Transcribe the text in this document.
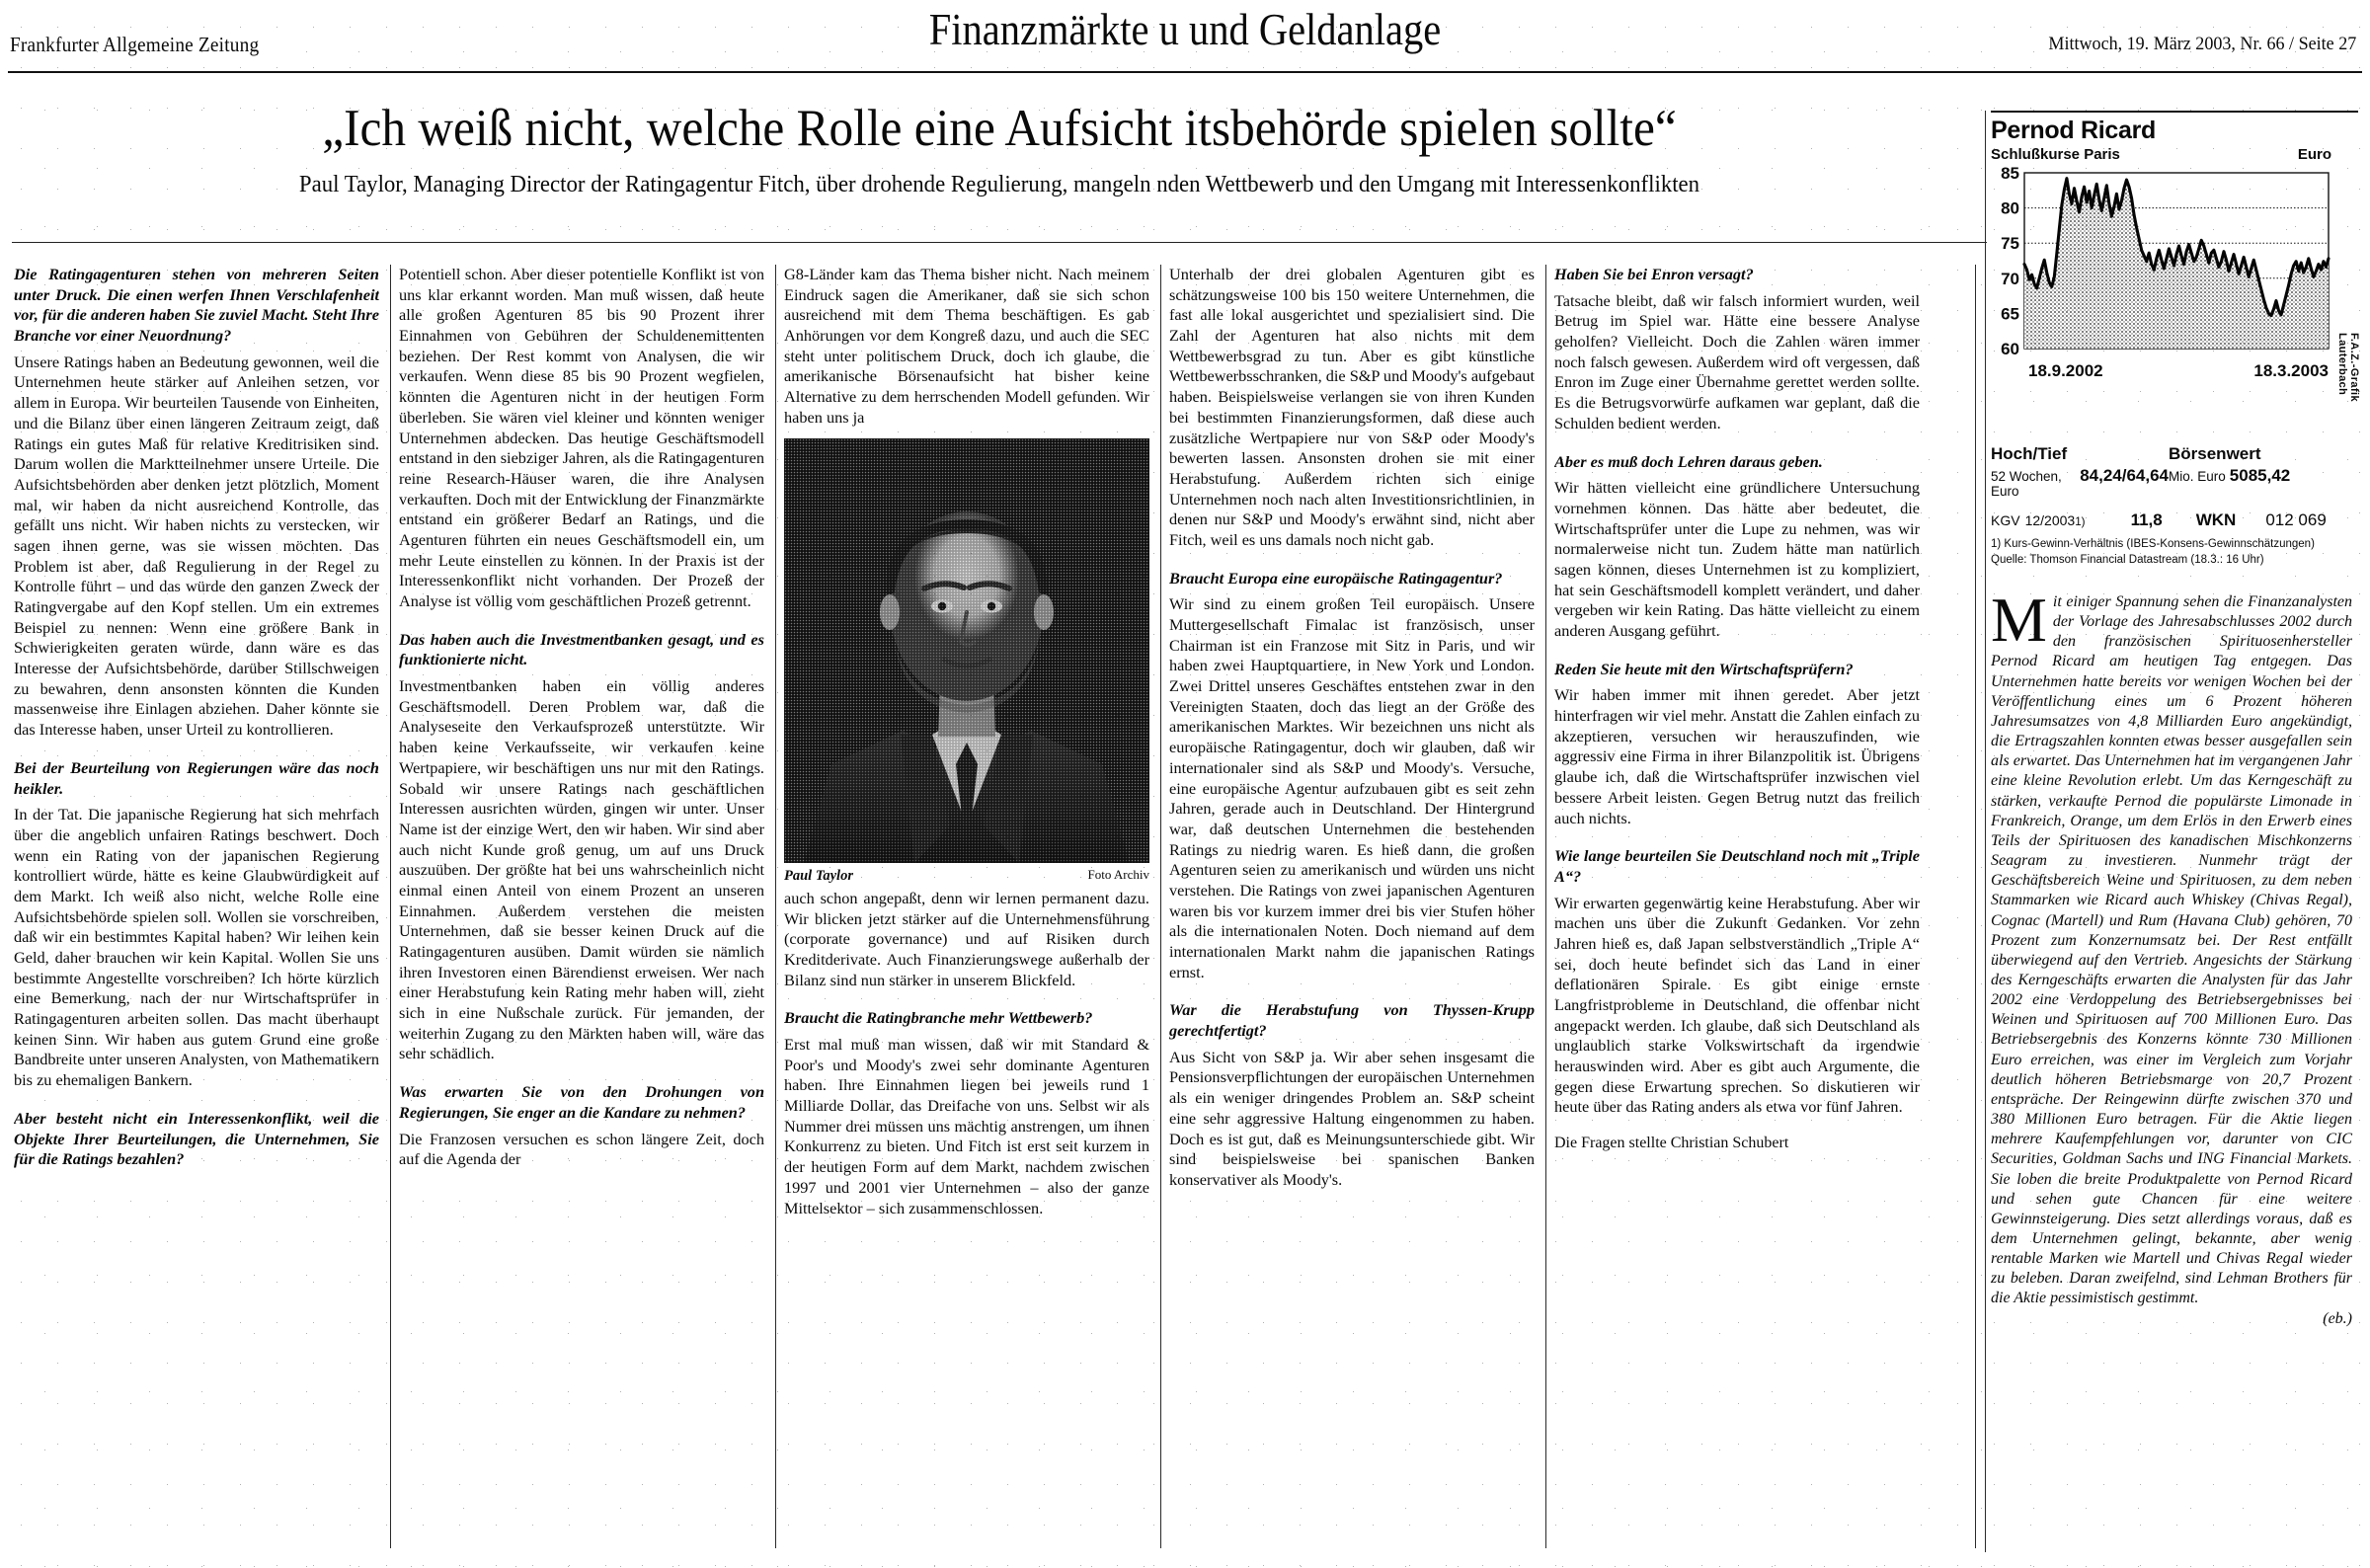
Frankfurter Allgemeine Zeitung	Finanzmärkte u und Geldanlage	Mittwoch, 19. März 2003, Nr. 66 / Seite 27
„Ich weiß nicht, welche Rolle eine Aufsicht itsbehörde spielen sollte“
Paul Taylor, Managing Director der Ratingagentur Fitch, über drohende Regulierung, mangeln nden Wettbewerb und den Umgang mit Interessenkonflikten
Die Ratingagenturen stehen von mehreren Seiten unter Druck. Die einen werfen Ihnen Verschlafenheit vor, für die anderen haben Sie zuviel Macht. Steht Ihre Branche vor einer Neuordnung?

Unsere Ratings haben an Bedeutung gewonnen, weil die Unternehmen heute stärker auf Anleihen setzen, vor allem in Europa. Wir beurteilen Tausende von Einheiten, und die Bilanz über einen längeren Zeitraum zeigt, daß Ratings ein gutes Maß für relative Kreditrisiken sind. Darum wollen die Marktteilnehmer unsere Urteile. Die Aufsichtsbehörden aber denken jetzt plötzlich, Moment mal, wir haben da nicht ausreichend Kontrolle, das gefällt uns nicht. Wir haben nichts zu verstecken, wir sagen ihnen gerne, was sie wissen möchten. Das Problem ist aber, daß Regulierung in der Regel zu Kontrolle führt – und das würde den ganzen Zweck der Ratingvergabe auf den Kopf stellen. Um ein extremes Beispiel zu nennen: Wenn eine größere Bank in Schwierigkeiten geraten würde, dann wäre es das Interesse der Aufsichtsbehörde, darüber Stillschweigen zu bewahren, denn ansonsten könnten die Kunden massenweise ihre Einlagen abziehen. Daher könnte sie das Interesse haben, unser Urteil zu kontrollieren.

Bei der Beurteilung von Regierungen wäre das noch heikler.

In der Tat. Die japanische Regierung hat sich mehrfach über die angeblich unfairen Ratings beschwert. Doch wenn ein Rating von der japanischen Regierung kontrolliert würde, hätte es keine Glaubwürdigkeit auf dem Markt. Ich weiß also nicht, welche Rolle eine Aufsichtsbehörde spielen soll. Wollen sie vorschreiben, daß wir ein bestimmtes Kapital haben? Wir leihen kein Geld, daher brauchen wir kein Kapital. Wollen Sie uns bestimmte Angestellte vorschreiben? Ich hörte kürzlich eine Bemerkung, nach der nur Wirtschaftsprüfer in Ratingagenturen arbeiten sollen. Das macht überhaupt keinen Sinn. Wir haben aus gutem Grund eine große Bandbreite unter unseren Analysten, von Mathematikern bis zu ehemaligen Bankern.

Aber besteht nicht ein Interessenkonflikt, weil die Objekte Ihrer Beurteilungen, die Unternehmen, Sie für die Ratings bezahlen?

Potentiell schon. Aber dieser potentielle Konflikt ist von uns klar erkannt worden. Man muß wissen, daß heute alle großen Agenturen 85 bis 90 Prozent ihrer Einnahmen von Gebühren der Schuldenemittenten beziehen. Der Rest kommt von Analysen, die wir verkaufen. Wenn diese 85 bis 90 Prozent wegfielen, könnten die Agenturen nicht in der heutigen Form überleben. Sie wären viel kleiner und könnten weniger Unternehmen abdecken. Das heutige Geschäftsmodell entstand in den siebziger Jahren, als die Ratingagenturen reine Research-Häuser waren, die ihre Analysen verkauften. Doch mit der Entwicklung der Finanzmärkte entstand ein größerer Bedarf an Ratings, und die Agenturen führten ein neues Geschäftsmodell ein, um mehr Leute einstellen zu können. In der Praxis ist der Interessenkonflikt nicht vorhanden. Der Prozeß der Analyse ist völlig vom geschäftlichen Prozeß getrennt.

Das haben auch die Investmentbanken gesagt, und es funktionierte nicht.

Investmentbanken haben ein völlig anderes Geschäftsmodell. Deren Problem war, daß die Analyseseite den Verkaufsprozeß unterstützte. Wir haben keine Verkaufsseite, wir verkaufen keine Wertpapiere, wir beschäftigen uns nur mit den Ratings. Sobald wir unsere Ratings nach geschäftlichen Interessen ausrichten würden, gingen wir unter. Unser Name ist der einzige Wert, den wir haben. Wir sind aber auch nicht Kunde groß genug, um auf uns Druck auszuüben. Der größte hat bei uns wahrscheinlich nicht einmal einen Anteil von einem Prozent an unseren Einnahmen. Außerdem verstehen die meisten Unternehmen, daß sie besser keinen Druck auf die Ratingagenturen ausüben. Damit würden sie nämlich ihren Investoren einen Bärendienst erweisen. Wer nach einer Herabstufung kein Rating mehr haben will, zieht sich in eine Nußschale zurück. Für jemanden, der weiterhin Zugang zu den Märkten haben will, wäre das sehr schädlich.

Was erwarten Sie von den Drohungen von Regierungen, Sie enger an die Kandare zu nehmen?

Die Franzosen versuchen es schon längere Zeit, doch auf die Agenda der

G8-Länder kam das Thema bisher nicht. Nach meinem Eindruck sagen die Amerikaner, daß sie sich schon ausreichend mit dem Thema beschäftigen. Es gab Anhörungen vor dem Kongreß dazu, und auch die SEC steht unter politischem Druck, doch ich glaube, die amerikanische Börsenaufsicht hat bisher keine Alternative zu dem herrschenden Modell gefunden. Wir haben uns ja

Paul Taylor	Foto Archiv

auch schon angepaßt, denn wir lernen permanent dazu. Wir blicken jetzt stärker auf die Unternehmensführung (corporate governance) und auf Risiken durch Kreditderivate. Auch Finanzierungswege außerhalb der Bilanz sind nun stärker in unserem Blickfeld.

Braucht die Ratingbranche mehr Wettbewerb?

Erst mal muß man wissen, daß wir mit Standard & Poor's und Moody's zwei sehr dominante Agenturen haben. Ihre Einnahmen liegen bei jeweils rund 1 Milliarde Dollar, das Dreifache von uns. Selbst wir als Nummer drei müssen uns mächtig anstrengen, um ihnen Konkurrenz zu bieten. Und Fitch ist erst seit kurzem in der heutigen Form auf dem Markt, nachdem zwischen 1997 und 2001 vier Unternehmen – also der ganze Mittelsektor – sich zusammenschlossen.

Unterhalb der drei globalen Agenturen gibt es schätzungsweise 100 bis 150 weitere Unternehmen, die fast alle lokal ausgerichtet und spezialisiert sind. Die Zahl der Agenturen hat also nichts mit dem Wettbewerbsgrad zu tun. Aber es gibt künstliche Wettbewerbsschranken, die S&P und Moody's aufgebaut haben. Beispielsweise verlangen sie von ihren Kunden bei bestimmten Finanzierungsformen, daß diese auch zusätzliche Wertpapiere nur von S&P oder Moody's bewerten lassen. Ansonsten drohen sie mit einer Herabstufung. Außerdem richten sich einige Unternehmen noch nach alten Investitionsrichtlinien, in denen nur S&P und Moody's erwähnt sind, nicht aber Fitch, weil es uns damals noch nicht gab.

Braucht Europa eine europäische Ratingagentur?

Wir sind zu einem großen Teil europäisch. Unsere Muttergesellschaft Fimalac ist französisch, unser Chairman ist ein Franzose mit Sitz in Paris, und wir haben zwei Hauptquartiere, in New York und London. Zwei Drittel unseres Geschäftes entstehen zwar in den Vereinigten Staaten, doch das liegt an der Größe des amerikanischen Marktes. Wir bezeichnen uns nicht als europäische Ratingagentur, doch wir glauben, daß wir internationaler sind als S&P und Moody's. Versuche, eine europäische Agentur aufzubauen gibt es seit zehn Jahren, gerade auch in Deutschland. Der Hintergrund war, daß deutschen Unternehmen die bestehenden Ratings zu niedrig waren. Es hieß dann, die großen Agenturen seien zu amerikanisch und würden uns nicht verstehen. Die Ratings von zwei japanischen Agenturen waren bis vor kurzem immer drei bis vier Stufen höher als die internationalen Noten. Doch niemand auf dem internationalen Markt nahm die japanischen Ratings ernst.

War die Herabstufung von Thyssen-Krupp gerechtfertigt?

Aus Sicht von S&P ja. Wir aber sehen insgesamt die Pensionsverpflichtungen der europäischen Unternehmen als ein weniger dringendes Problem an. S&P scheint eine sehr aggressive Haltung eingenommen zu haben. Doch es ist gut, daß es Meinungsunterschiede gibt. Wir sind beispielsweise bei spanischen Banken konservativer als Moody's.

Haben Sie bei Enron versagt?

Tatsache bleibt, daß wir falsch informiert wurden, weil Betrug im Spiel war. Hätte eine bessere Analyse geholfen? Vielleicht. Doch die Zahlen wären immer noch falsch gewesen. Außerdem wird oft vergessen, daß Enron im Zuge einer Übernahme gerettet werden sollte. Es die Betrugsvorwürfe aufkamen war geplant, daß die Schulden bedient werden.

Aber es muß doch Lehren daraus geben.

Wir hätten vielleicht eine gründlichere Untersuchung vornehmen können. Das hätte aber bedeutet, die Wirtschaftsprüfer unter die Lupe zu nehmen, was wir normalerweise nicht tun. Zudem hätte man natürlich sagen können, dieses Unternehmen ist zu kompliziert, hat sein Geschäftsmodell komplett verändert, und daher vergeben wir kein Rating. Das hätte vielleicht zu einem anderen Ausgang geführt.

Reden Sie heute mit den Wirtschaftsprüfern?

Wir haben immer mit ihnen geredet. Aber jetzt hinterfragen wir viel mehr. Anstatt die Zahlen einfach zu akzeptieren, versuchen wir herauszufinden, wie aggressiv eine Firma in ihrer Bilanzpolitik ist. Übrigens glaube ich, daß die Wirtschaftsprüfer inzwischen viel bessere Arbeit leisten. Gegen Betrug nutzt das freilich auch nichts.

Wie lange beurteilen Sie Deutschland noch mit „Triple A“?

Wir erwarten gegenwärtig keine Herabstufung. Aber wir machen uns über die Zukunft Gedanken. Vor zehn Jahren hieß es, daß Japan selbstverständlich „Triple A“ sei, doch heute befindet sich das Land in einer deflationären Spirale. Es gibt einige ernste Langfristprobleme in Deutschland, die offenbar nicht angepackt werden. Ich glaube, daß sich Deutschland als unglaublich starke Volkswirtschaft da irgendwie herauswinden wird. Aber es gibt auch Argumente, die gegen diese Erwartung sprechen. So diskutieren wir heute über das Rating anders als etwa vor fünf Jahren.

Die Fragen stellte Christian Schubert

Pernod Ricard
Schlußkurse Paris	Euro
60
65
70
75
80
85
18.9.2002	18.3.2003	F.A.Z.-Grafik Lauterbach
Hoch/Tief	Börsenwert
52 Wochen, Euro
84,24/64,64 Mio. Euro 5085,42
KGV 12/2003 1)	11,8 WKN 012 069
1) Kurs-Gewinn-Verhältnis (IBES-Konsens-Gewinnschätzungen)
Quelle: Thomson Financial Datastream (18.3.: 16 Uhr)
Mit einiger Spannung sehen die Finanzanalysten der Vorlage des Jahresabschlusses 2002 durch den französischen Spirituosenhersteller Pernod Ricard am heutigen Tag entgegen. Das Unternehmen hatte bereits vor wenigen Wochen bei der Veröffentlichung eines um 6 Prozent höheren Jahresumsatzes von 4,8 Milliarden Euro angekündigt, die Ertragszahlen konnten etwas besser ausgefallen sein als erwartet. Das Unternehmen hat im vergangenen Jahr eine kleine Revolution erlebt. Um das Kerngeschäft zu stärken, verkaufte Pernod die populärste Limonade in Frankreich, Orange, um dem Erlös in den Erwerb eines Teils der Spirituosen des kanadischen Mischkonzerns Seagram zu investieren. Nunmehr trägt der Geschäftsbereich Weine und Spirituosen, zu dem neben Stammarken wie Ricard auch Whiskey (Chivas Regal), Cognac (Martell) und Rum (Havana Club) gehören, 70 Prozent zum Konzernumsatz bei. Der Rest entfällt überwiegend auf den Vertrieb. Angesichts der Stärkung des Kerngeschäfts erwarten die Analysten für das Jahr 2002 eine Verdoppelung des Betriebsergebnisses bei Weinen und Spirituosen auf 700 Millionen Euro. Das Betriebsergebnis des Konzerns könnte 730 Millionen Euro erreichen, was einer im Vergleich zum Vorjahr deutlich höheren Betriebsmarge von 20,7 Prozent entspräche. Der Reingewinn dürfte zwischen 370 und 380 Millionen Euro betragen. Für die Aktie liegen mehrere Kaufempfehlungen vor, darunter von CIC Securities, Goldman Sachs und ING Financial Markets. Sie loben die breite Produktpalette von Pernod Ricard und sehen gute Chancen für eine weitere Gewinnsteigerung. Dies setzt allerdings voraus, daß es dem Unternehmen gelingt, bekannte, aber wenig rentable Marken wie Martell und Chivas Regal wieder zu beleben. Daran zweifelnd, sind Lehman Brothers für die Aktie pessimistisch gestimmt.
(eb.)
